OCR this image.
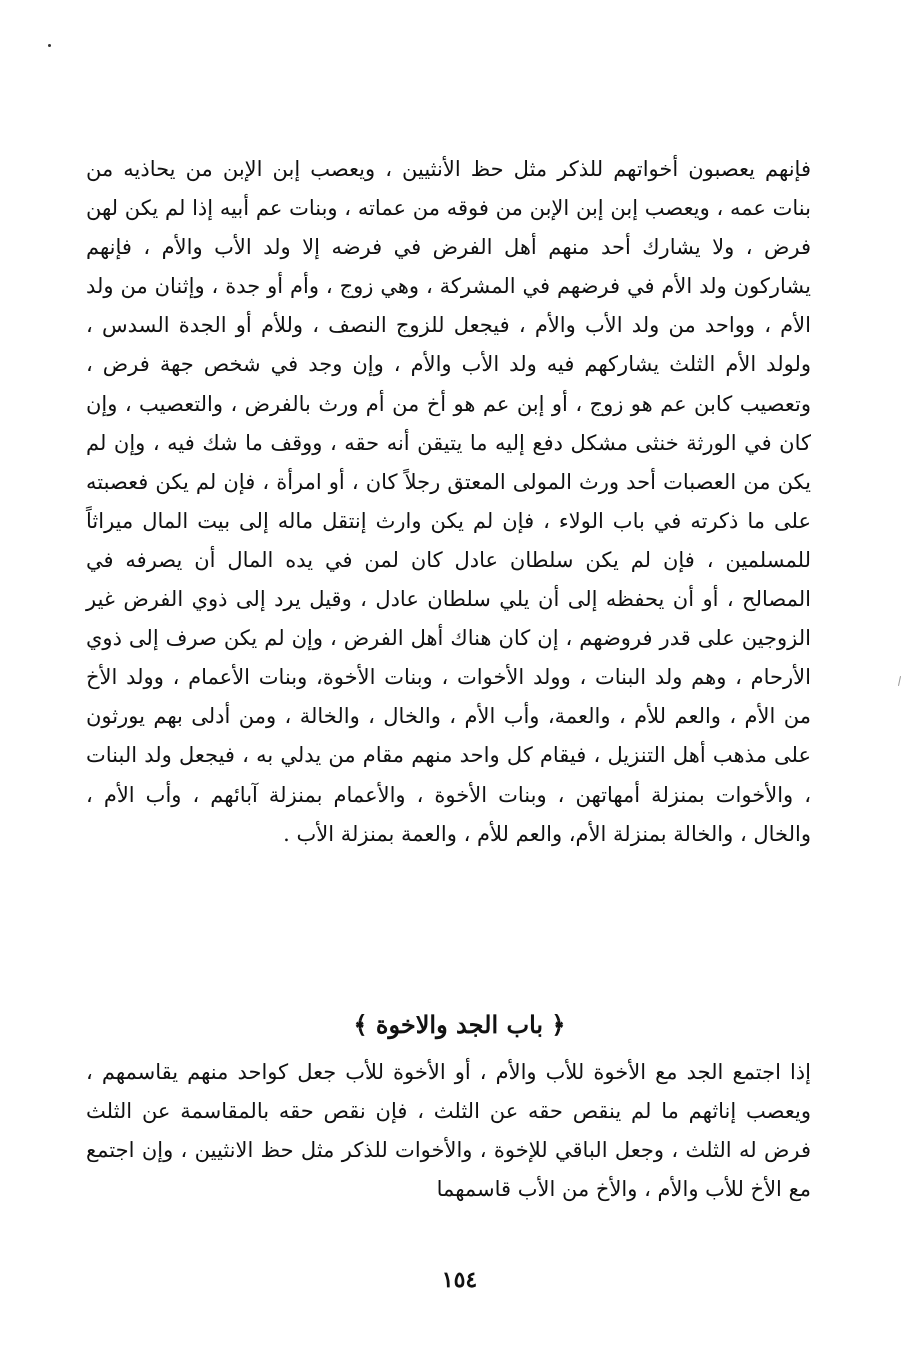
فإنهم يعصبون أخواتهم للذكر مثل حظ الأنثيين ، ويعصب إبن الإبن من يحاذيه من بنات عمه ، ويعصب إبن إبن الإبن من فوقه من عماته ، وبنات عم أبيه إذا لم يكن لهن فرض ، ولا يشارك أحد منهم أهل الفرض في فرضه إلا ولد الأب والأم ، فإنهم يشاركون ولد الأم في فرضهم في المشركة ، وهي زوج ، وأم أو جدة ، وإثنان من ولد الأم ، وواحد من ولد الأب والأم ، فيجعل للزوج النصف ، وللأم أو الجدة السدس ، ولولد الأم الثلث يشاركهم فيه ولد الأب والأم ، وإن وجد في شخص جهة فرض ، وتعصيب كابن عم هو زوج ، أو إبن عم هو أخ من أم ورث بالفرض ، والتعصيب ، وإن كان في الورثة خنثى مشكل دفع إليه ما يتيقن أنه حقه ، ووقف ما شك فيه ، وإن لم يكن من العصبات أحد ورث المولى المعتق رجلاً كان ، أو امرأة ، فإن لم يكن فعصبته على ما ذكرته في باب الولاء ، فإن لم يكن وارث إنتقل ماله إلى بيت المال ميراثاً للمسلمين ، فإن لم يكن سلطان عادل كان لمن في يده المال أن يصرفه في المصالح ، أو أن يحفظه إلى أن يلي سلطان عادل ، وقيل يرد إلى ذوي الفرض غير الزوجين على قدر فروضهم ، إن كان هناك أهل الفرض ، وإن لم يكن صرف إلى ذوي الأرحام ، وهم ولد البنات ، وولد الأخوات ، وبنات الأخوة، وبنات الأعمام ، وولد الأخ من الأم ، والعم للأم ، والعمة، وأب الأم ، والخال ، والخالة ، ومن أدلى بهم يورثون على مذهب أهل التنزيل ، فيقام كل واحد منهم مقام من يدلي به ، فيجعل ولد البنات ، والأخوات بمنزلة أمهاتهن ، وبنات الأخوة ، والأعمام بمنزلة آبائهم ، وأب الأم ، والخال ، والخالة بمنزلة الأم، والعم للأم ، والعمة بمنزلة الأب .

﴿ باب الجد والاخوة ﴾

إذا اجتمع الجد مع الأخوة للأب والأم ، أو الأخوة للأب جعل كواحد منهم يقاسمهم ، ويعصب إناثهم ما لم ينقص حقه عن الثلث ، فإن نقص حقه بالمقاسمة عن الثلث فرض له الثلث ، وجعل الباقي للإخوة ، والأخوات للذكر مثل حظ الانثيين ، وإن اجتمع مع الأخ للأب والأم ، والأخ من الأب قاسمهما

١٥٤
